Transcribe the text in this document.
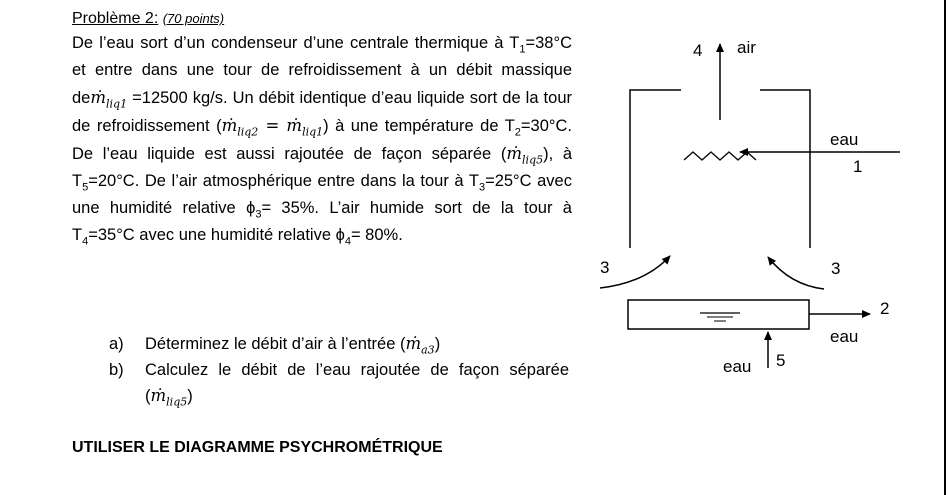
Problème 2: (70 points)

De l’eau sort d’un condenseur d’une centrale thermique à $T_1=38^\circ C$ et entre dans une tour de refroidissement à un débit massique deṁ$_{liq1}$ =12500 kg/s. Un débit identique d’eau liquide sort de la tour de refroidissement (ṁ$_{liq2}$ = ṁ$_{liq1}$) à une température de $T_2=30^\circ C$. De l’eau liquide est aussi rajoutée de façon séparée (ṁ$_{liq5}$), à $T_5=20^\circ C$. De l’air atmosphérique entre dans la tour à $T_3=25^\circ C$ avec une humidité relative $\phi_3= 35\%$. L’air humide sort de la tour à $T_4=35^\circ C$ avec une humidité relative $\phi_4= 80\%$.

a) Déterminez le débit d’air à l’entrée (ṁ$_{a3}$)
b) Calculez le débit de l’eau rajoutée de façon séparée (ṁ$_{liq5}$)
UTILISER LE DIAGRAMME PSYCHROMÉTRIQUE
4 air
eau
1
3	3
2
eau
eau 5
